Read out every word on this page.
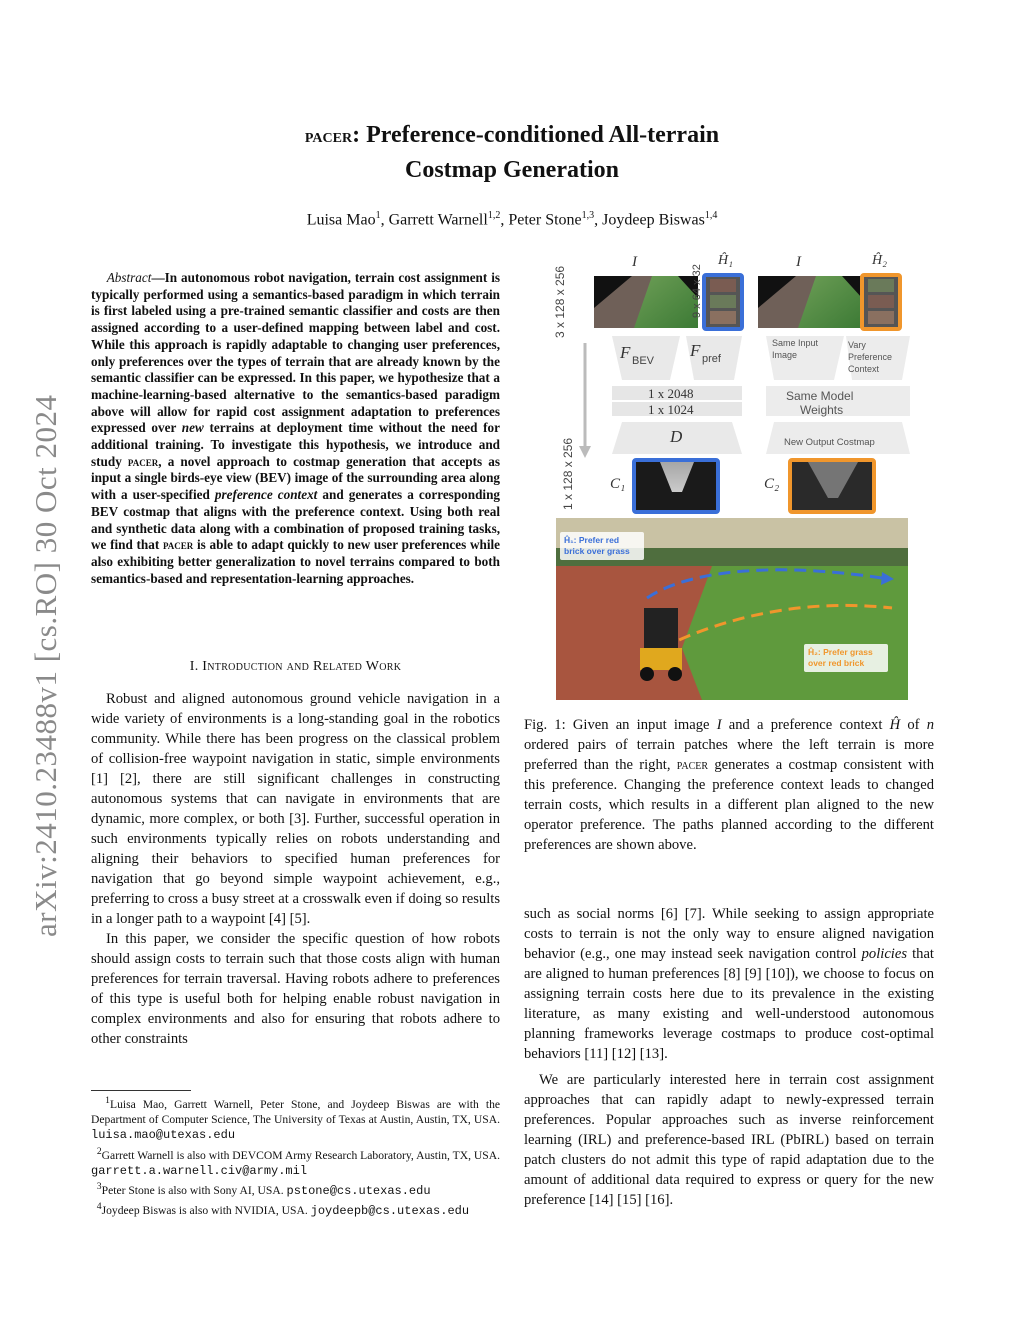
arXiv:2410.23488v1 [cs.RO] 30 Oct 2024
pacer: Preference-conditioned All-terrain
Costmap Generation
Luisa Mao$^1$, Garrett Warnell$^{1,2}$, Peter Stone$^{1,3}$, Joydeep Biswas$^{1,4}$
Abstract—In autonomous robot navigation, terrain cost assignment is typically performed using a semantics-based paradigm in which terrain is first labeled using a pre-trained semantic classifier and costs are then assigned according to a user-defined mapping between label and cost. While this approach is rapidly adaptable to changing user preferences, only preferences over the types of terrain that are already known by the semantic classifier can be expressed. In this paper, we hypothesize that a machine-learning-based alternative to the semantics-based paradigm above will allow for rapid cost assignment adaptation to preferences expressed over new terrains at deployment time without the need for additional training. To investigate this hypothesis, we introduce and study pacer, a novel approach to costmap generation that accepts as input a single birds-eye view (BEV) image of the surrounding area along with a user-specified preference context and generates a corresponding BEV costmap that aligns with the preference context. Using both real and synthetic data along with a combination of proposed training tasks, we find that pacer is able to adapt quickly to new user preferences while also exhibiting better generalization to novel terrains compared to both semantics-based and representation-learning approaches.
I. Introduction and Related Work

Robust and aligned autonomous ground vehicle navigation in a wide variety of environments is a long-standing goal in the robotics community. While there has been progress on the classical problem of collision-free waypoint navigation in static, simple environments [1] [2], there are still significant challenges in constructing autonomous systems that can navigate in environments that are dynamic, more complex, or both [3]. Further, successful operation in such environments typically relies on robots understanding and aligning their behaviors to specified human preferences for navigation that go beyond simple waypoint achievement, e.g., preferring to cross a busy street at a crosswalk even if doing so results in a longer path to a waypoint [4] [5].

In this paper, we consider the specific question of how robots should assign costs to terrain such that those costs align with human preferences for terrain traversal. Having robots adhere to preferences of this type is useful both for helping enable robust navigation in complex environments and also for ensuring that robots adhere to other constraints

$^1$Luisa Mao, Garrett Warnell, Peter Stone, and Joydeep Biswas are with the Department of Computer Science, The University of Texas at Austin, Austin, TX, USA. luisa.mao@utexas.edu
$^2$Garrett Warnell is also with DEVCOM Army Research Laboratory, Austin, TX, USA. garrett.a.warnell.civ@army.mil
$^3$Peter Stone is also with Sony AI, USA. pstone@cs.utexas.edu
$^4$Joydeep Biswas is also with NVIDIA, USA. joydeepb@cs.utexas.edu
3 x 128 x 256
1 x 128 x 256
I
9 x 64 x 32
Ĥ₁	I	Ĥ₂
F BEV
F pref
Same Input Image
Vary Preference Context
1 x 2048
1 x 1024
Same Model
Weights
D	New Output Costmap
C₁	C₂
Ĥ₁: Prefer red brick over grass
Ĥ₂: Prefer grass over red brick
Fig. 1: Given an input image I and a preference context Ĥ of n ordered pairs of terrain patches where the left terrain is more preferred than the right, pacer generates a costmap consistent with this preference. Changing the preference context leads to changed terrain costs, which results in a different plan aligned to the new operator preference. The paths planned according to the different preferences are shown above.

such as social norms [6] [7]. While seeking to assign appropriate costs to terrain is not the only way to ensure aligned navigation behavior (e.g., one may instead seek navigation control policies that are aligned to human preferences [8] [9] [10]), we choose to focus on assigning terrain costs here due to its prevalence in the existing literature, as many existing and well-understood autonomous planning frameworks leverage costmaps to produce cost-optimal behaviors [11] [12] [13].

We are particularly interested here in terrain cost assignment approaches that can rapidly adapt to newly-expressed terrain preferences. Popular approaches such as inverse reinforcement learning (IRL) and preference-based IRL (PbIRL) based on terrain patch clusters do not admit this type of rapid adaptation due to the amount of additional data required to express or query for the new preference [14] [15] [16].
